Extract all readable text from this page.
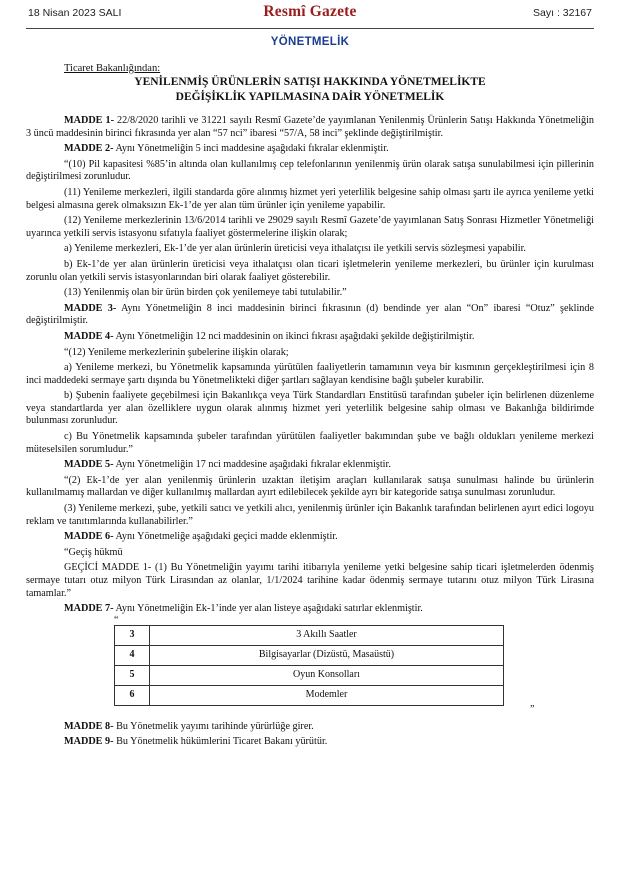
18 Nisan 2023 SALI	Resmî Gazete	Sayı : 32167
YÖNETMELİK
Ticaret Bakanlığından:
YENİLENMİŞ ÜRÜNLERİN SATIŞI HAKKINDA YÖNETMELİKTE
DEĞİŞİKLİK YAPILMASINA DAİR YÖNETMELİK

MADDE 1- 22/8/2020 tarihli ve 31221 sayılı Resmî Gazete’de yayımlanan Yenilenmiş Ürünlerin Satışı Hakkında Yönetmeliğin 3 üncü maddesinin birinci fıkrasında yer alan “57 nci” ibaresi “57/A, 58 inci” şeklinde değiştirilmiştir.

MADDE 2- Aynı Yönetmeliğin 5 inci maddesine aşağıdaki fıkralar eklenmiştir.

“(10) Pil kapasitesi %85’in altında olan kullanılmış cep telefonlarının yenilenmiş ürün olarak satışa sunulabilmesi için pillerinin değiştirilmesi zorunludur.

(11) Yenileme merkezleri, ilgili standarda göre alınmış hizmet yeri yeterlilik belgesine sahip olması şartı ile ayrıca yenileme yetki belgesi almasına gerek olmaksızın Ek-1’de yer alan tüm ürünler için yenileme yapabilir.

(12) Yenileme merkezlerinin 13/6/2014 tarihli ve 29029 sayılı Resmî Gazete’de yayımlanan Satış Sonrası Hizmetler Yönetmeliği uyarınca yetkili servis istasyonu sıfatıyla faaliyet göstermelerine ilişkin olarak;

a) Yenileme merkezleri, Ek-1’de yer alan ürünlerin üreticisi veya ithalatçısı ile yetkili servis sözleşmesi yapabilir.

b) Ek-1’de yer alan ürünlerin üreticisi veya ithalatçısı olan ticari işletmelerin yenileme merkezleri, bu ürünler için kurulması zorunlu olan yetkili servis istasyonlarından biri olarak faaliyet gösterebilir.

(13) Yenilenmiş olan bir ürün birden çok yenilemeye tabi tutulabilir.”

MADDE 3- Aynı Yönetmeliğin 8 inci maddesinin birinci fıkrasının (d) bendinde yer alan “On” ibaresi “Otuz” şeklinde değiştirilmiştir.

MADDE 4- Aynı Yönetmeliğin 12 nci maddesinin on ikinci fıkrası aşağıdaki şekilde değiştirilmiştir.

“(12) Yenileme merkezlerinin şubelerine ilişkin olarak;

a) Yenileme merkezi, bu Yönetmelik kapsamında yürütülen faaliyetlerin tamamının veya bir kısmının gerçekleştirilmesi için 8 inci maddedeki sermaye şartı dışında bu Yönetmelikteki diğer şartları sağlayan kendisine bağlı şubeler kurabilir.

b) Şubenin faaliyete geçebilmesi için Bakanlıkça veya Türk Standardları Enstitüsü tarafından şubeler için belirlenen düzenleme veya standartlarda yer alan özelliklere uygun olarak alınmış hizmet yeri yeterlilik belgesine sahip olması ve Bakanlığa bildirimde bulunması zorunludur.

c) Bu Yönetmelik kapsamında şubeler tarafından yürütülen faaliyetler bakımından şube ve bağlı oldukları yenileme merkezi müteselsilen sorumludur.”

MADDE 5- Aynı Yönetmeliğin 17 nci maddesine aşağıdaki fıkralar eklenmiştir.

“(2) Ek-1’de yer alan yenilenmiş ürünlerin uzaktan iletişim araçları kullanılarak satışa sunulması halinde bu ürünlerin kullanılmamış mallardan ve diğer kullanılmış mallardan ayırt edilebilecek şekilde ayrı bir kategoride satışa sunulması zorunludur.

(3) Yenileme merkezi, şube, yetkili satıcı ve yetkili alıcı, yenilenmiş ürünler için Bakanlık tarafından belirlenen ayırt edici logoyu reklam ve tanıtımlarında kullanabilirler.”

MADDE 6- Aynı Yönetmeliğe aşağıdaki geçici madde eklenmiştir.

“Geçiş hükmü

GEÇİCİ MADDE 1- (1) Bu Yönetmeliğin yayımı tarihi itibarıyla yenileme yetki belgesine sahip ticari işletmelerden ödenmiş sermaye tutarı otuz milyon Türk Lirasından az olanlar, 1/1/2024 tarihine kadar ödenmiş sermaye tutarını otuz milyon Türk Lirasına tamamlar.”

MADDE 7- Aynı Yönetmeliğin Ek-1’inde yer alan listeye aşağıdaki satırlar eklenmiştir.

“
3	3 Akıllı Saatler
4	Bilgisayarlar (Dizüstü, Masaüstü)
5	Oyun Konsolları
6	Modemler
”

MADDE 8- Bu Yönetmelik yayımı tarihinde yürürlüğe girer.

MADDE 9- Bu Yönetmelik hükümlerini Ticaret Bakanı yürütür.
